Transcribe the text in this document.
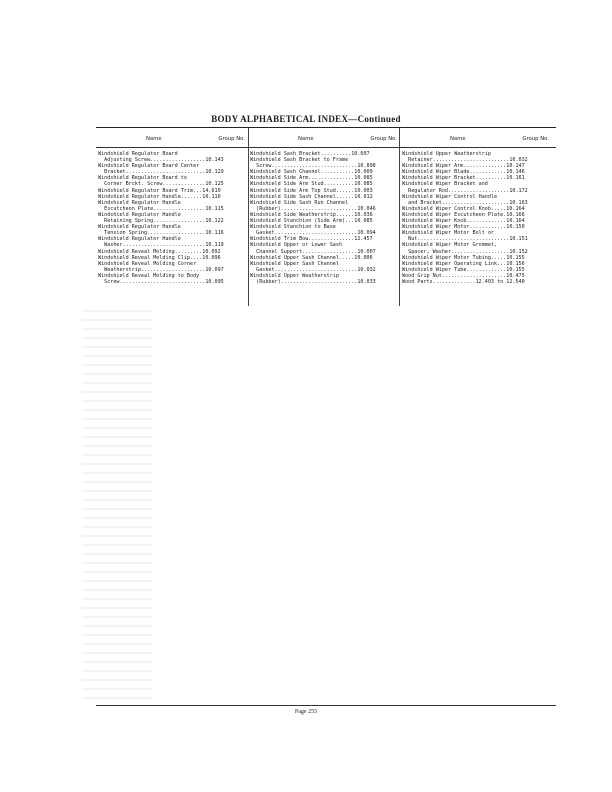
BODY ALPHABETICAL INDEX—Continued
Name	Group No.	Name	Group No.	Name	Group No.
Windshield Regulator Board
Adjusting Screw..................10.143
Windshield Regulator Board Center
Bracket..........................10.129
Windshield Regulator Board to
Corner Brckt. Screw..............10.125
Windshield Regulator Board Trim...14.610
Windshield Regulator Handle.......10.110
Windshield Regulator Handle
Escutcheon Plate.................10.115
Windshield Regulator Handle
Retaining Spring.................10.122
Windshield Regulator Handle
Tension Spring...................10.116
Windshield Regulator Handle
Washer...........................10.119
Windshield Reveal Molding.........10.092
Windshield Reveal Molding Clip....10.096
Windshield Reveal Molding Corner
Weatherstrip.....................10.097
Windshield Reveal Molding to Body
Screw............................10.095
Windshield Sash Bracket..........10.007
Windshield Sash Bracket to Frame
Screw............................10.898
Windshield Sash Channel...........10.009
Windshield Side Arm...............10.085
Windshield Side Arm Stud..........10.085
Windshield Side Arm Top Stud......10.003
Windshield Side Sash Channel......10.012
Windshield Side Sash Run Channel
(Rubber).........................10.046
Windshield Side Weatherstrip......10.036
Windshield Stanchion (Side Arm)...10.085
Windshield Stanchion to Base
Gasket...........................10.094
Windshield Trim Bow...............12.457
Windshield Upper or Lower Sash
Channel Support..................10.007
Windshield Upper Sash Channel.....10.006
Windshield Upper Sash Channel
Gasket...........................10.032
Windshield Upper Weatherstrip
(Rubber).........................10.033
Windshield Upper Weatherstrip
Retainer.........................10.032
Windshield Wiper Arm..............10.147
Windshield Wiper Blade............10.146
Windshield Wiper Bracket..........10.161
Windshield Wiper Bracket and
Regulator Rod....................10.172
Windshield Wiper Control Handle
and Bracket......................10.163
Windshield Wiper Control Knob.....10.164
Windshield Wiper Escutcheon Plate.10.166
Windshield Wiper Knob.............10.164
Windshield Wiper Motor............10.150
Windshield Wiper Motor Bolt or
Nut..............................10.151
Windshield Wiper Motor Grommet,
Spacer, Washer...................10.152
Windshield Wiper Motor Tubing.....10.155
Windshield Wiper Operating Link...10.156
Windshield Wiper Tube.............10.155
Wood Grip Nut.....................10.475
Wood Parts..............12.403 to 12.540
Page 255
